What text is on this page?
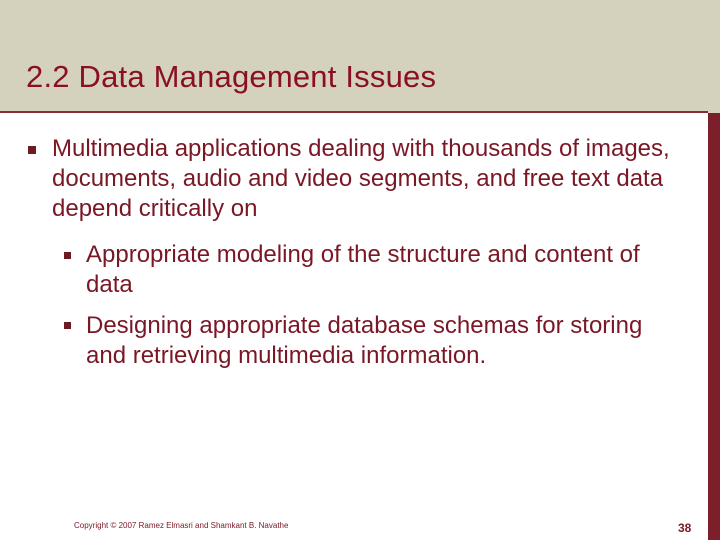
2.2 Data Management Issues
Multimedia applications dealing with thousands of images, documents, audio and video segments, and free text data depend critically on
Appropriate modeling of the structure and content of data
Designing appropriate database schemas for storing and retrieving multimedia information.
Copyright © 2007 Ramez Elmasri and Shamkant B. Navathe	38
